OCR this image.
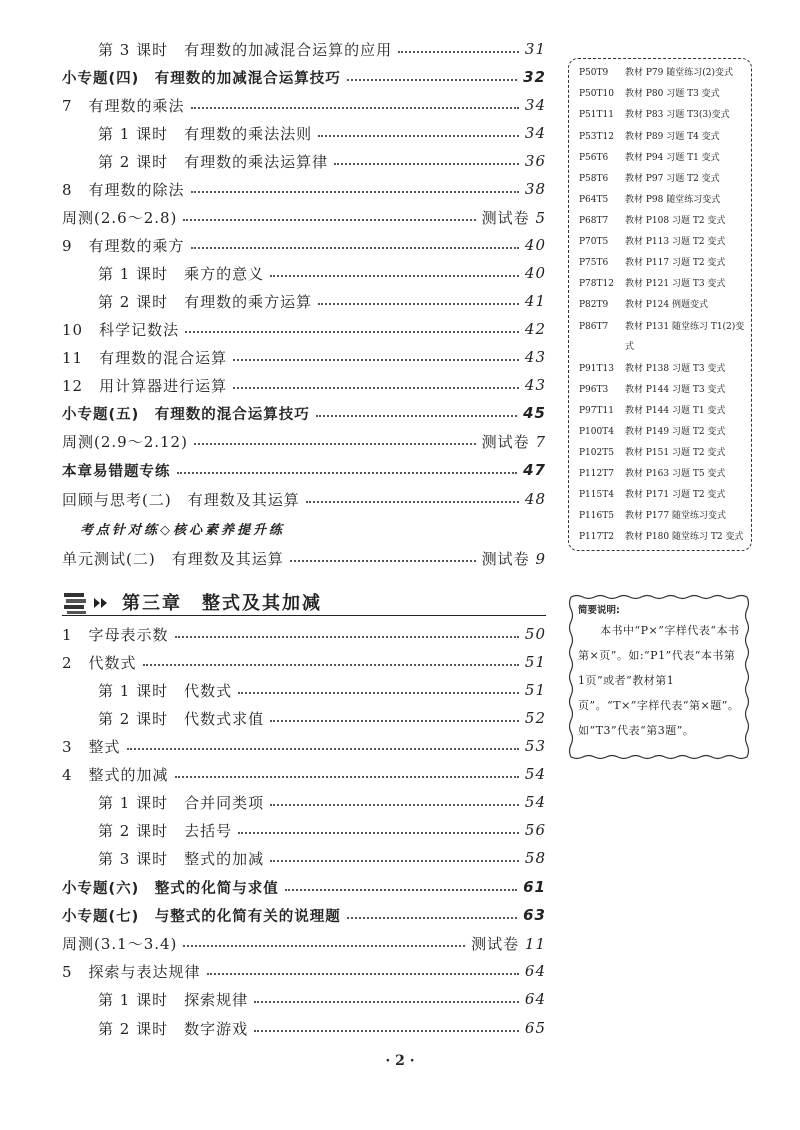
第 3 课时　有理数的加减混合运算的应用	31
小专题(四)　有理数的加减混合运算技巧	32
7　有理数的乘法	34
第 1 课时　有理数的乘法法则	34
第 2 课时　有理数的乘法运算律	36
8　有理数的除法	38
周测(2.6～2.8)	测试卷 5
9　有理数的乘方	40
第 1 课时　乘方的意义	40
第 2 课时　有理数的乘方运算	41
10　科学记数法	42
11　有理数的混合运算	43
12　用计算器进行运算	43
小专题(五)　有理数的混合运算技巧	45
周测(2.9～2.12)	测试卷 7
本章易错题专练	47
回顾与思考(二)　有理数及其运算	48
考点针对练◇核心素养提升练
单元测试(二)　有理数及其运算	测试卷 9
第三章　整式及其加减
1　字母表示数	50
2　代数式	51
第 1 课时　代数式	51
第 2 课时　代数式求值	52
3　整式	53
4　整式的加减	54
第 1 课时　合并同类项	54
第 2 课时　去括号	56
第 3 课时　整式的加减	58
小专题(六)　整式的化简与求值	61
小专题(七)　与整式的化简有关的说理题	63
周测(3.1～3.4)	测试卷 11
5　探索与表达规律	64
第 1 课时　探索规律	64
第 2 课时　数字游戏	65
P50T9	教材 P79 随堂练习(2)变式
P50T10	教材 P80 习题 T3 变式
P51T11	教材 P83 习题 T3(3)变式
P53T12	教材 P89 习题 T4 变式
P56T6	教材 P94 习题 T1 变式
P58T6	教材 P97 习题 T2 变式
P64T5	教材 P98 随堂练习变式
P68T7	教材 P108 习题 T2 变式
P70T5	教材 P113 习题 T2 变式
P75T6	教材 P117 习题 T2 变式
P78T12	教材 P121 习题 T3 变式
P82T9	教材 P124 例题变式
P86T7	教材 P131 随堂练习 T1(2)变式
P91T13	教材 P138 习题 T3 变式
P96T3	教材 P144 习题 T3 变式
P97T11	教材 P144 习题 T1 变式
P100T4	教材 P149 习题 T2 变式
P102T5	教材 P151 习题 T2 变式
P112T7	教材 P163 习题 T5 变式
P115T4	教材 P171 习题 T2 变式
P116T5	教材 P177 随堂练习变式
P117T2	教材 P180 随堂练习 T2 变式
简要说明:
本书中“P×”字样代表“本书第×页”。如:“P1”代表“本书第1页”或者“教材第1页”。“T×”字样代表“第×题”。如“T3”代表“第3题”。
· 2 ·
